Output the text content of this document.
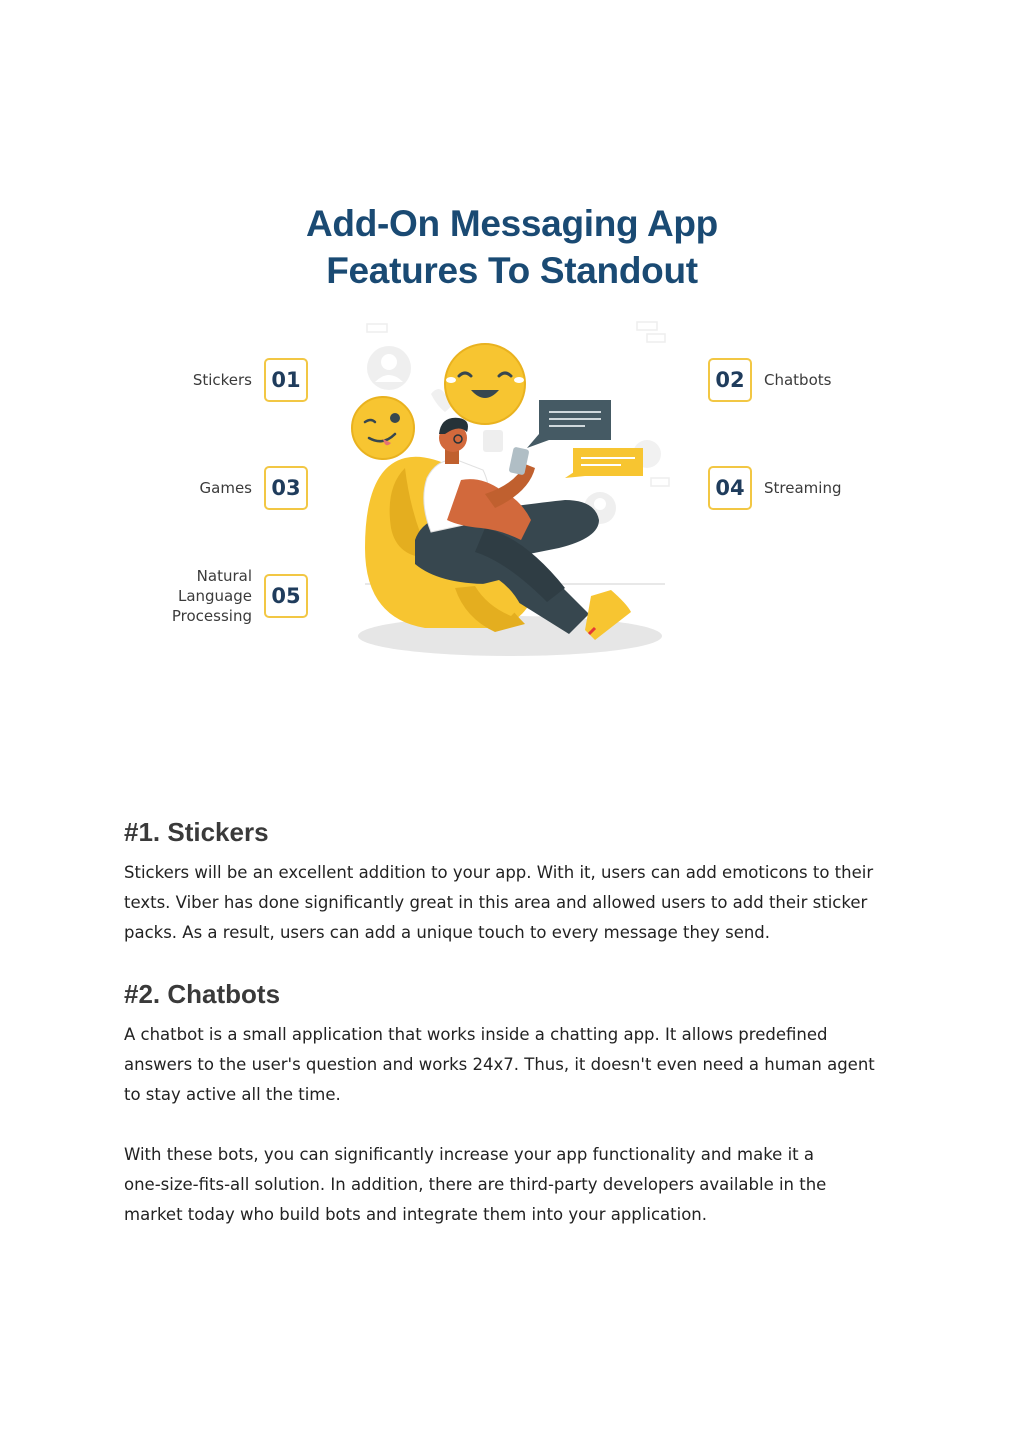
Add-On Messaging App
Features To Standout
Stickers 01
Games 03
Natural
Language
Processing
05
02	Chatbots
04	Streaming
#1. Stickers

Stickers will be an excellent addition to your app. With it, users can add emoticons to their
texts. Viber has done significantly great in this area and allowed users to add their sticker
packs. As a result, users can add a unique touch to every message they send.

#2. Chatbots

A chatbot is a small application that works inside a chatting app. It allows predefined
answers to the user's question and works 24x7. Thus, it doesn't even need a human agent
to stay active all the time.

With these bots, you can significantly increase your app functionality and make it a
one-size-fits-all solution. In addition, there are third-party developers available in the
market today who build bots and integrate them into your application.
